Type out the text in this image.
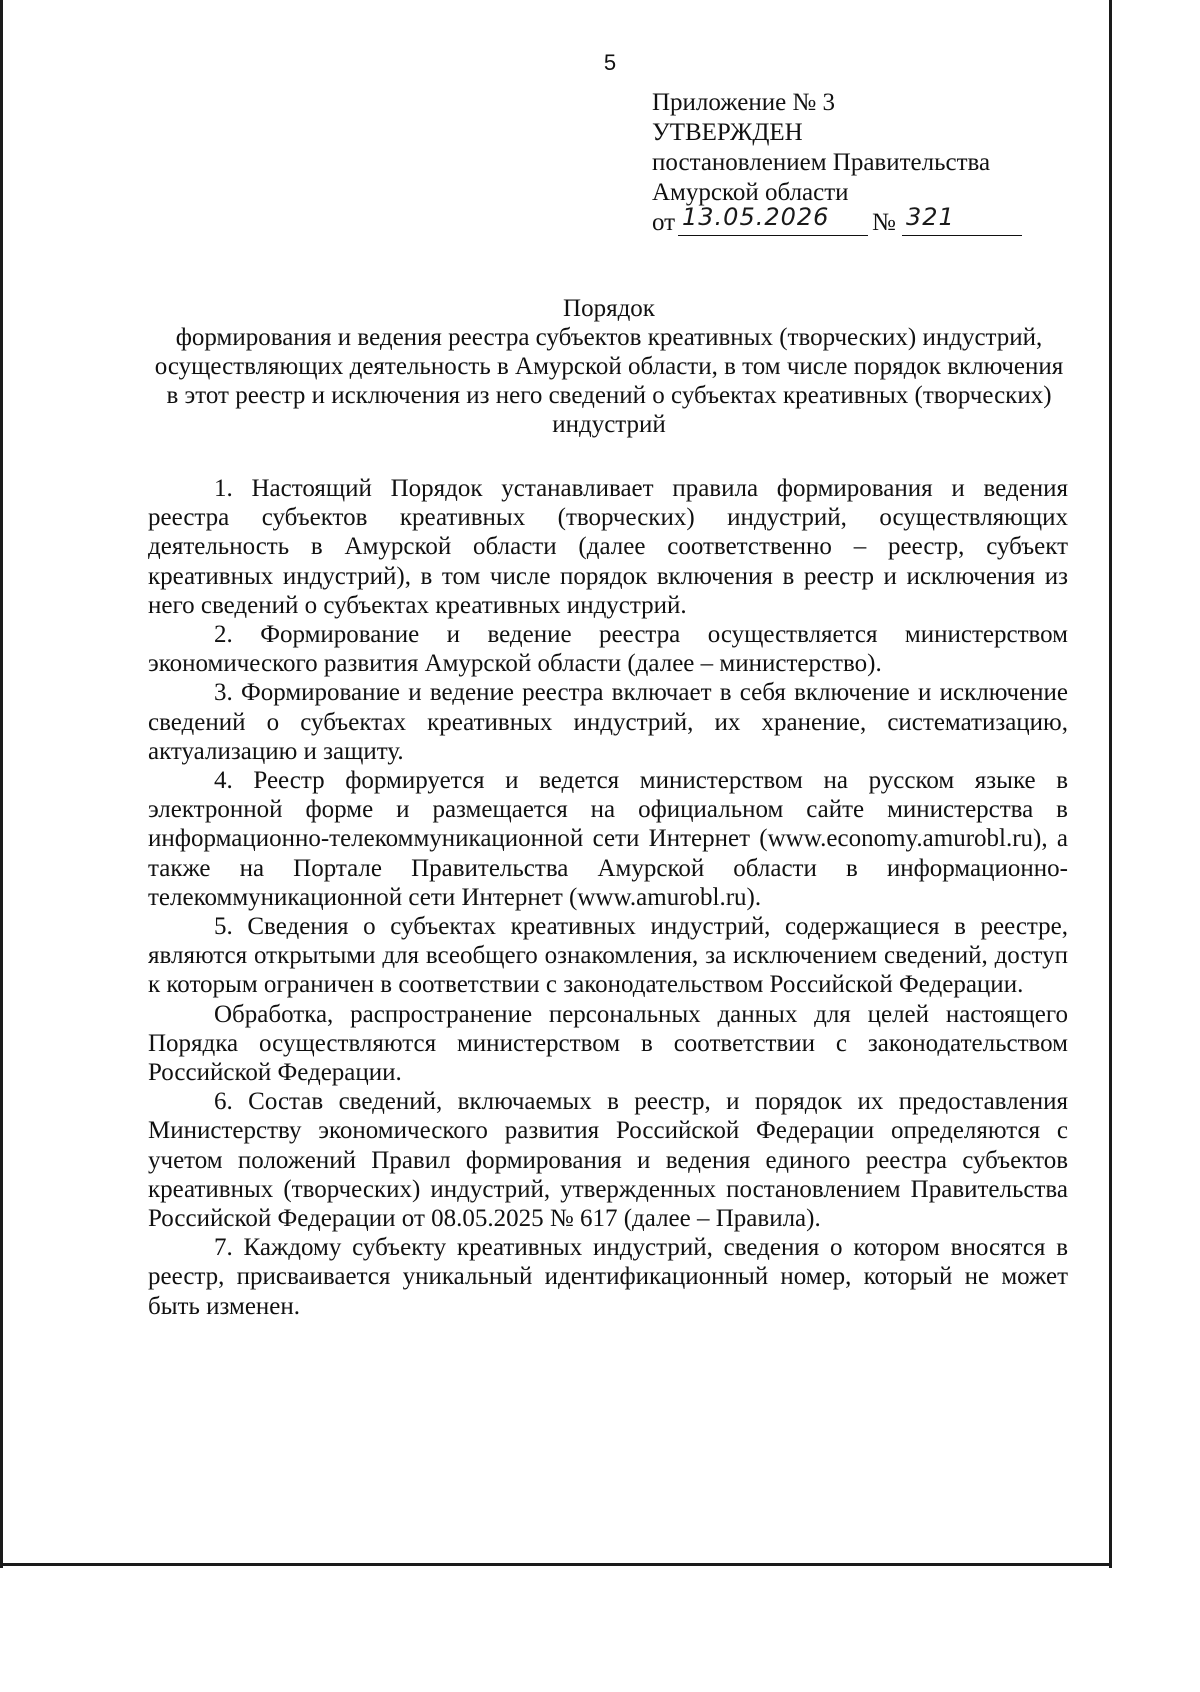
5
Приложение № 3
УТВЕРЖДЕН
постановлением Правительства
Амурской области
от 13.05.2026 № 321
Порядок
формирования и ведения реестра субъектов креативных (творческих) индустрий, осуществляющих деятельность в Амурской области, в том числе порядок включения в этот реестр и исключения из него сведений о субъектах креативных (творческих) индустрий

1. Настоящий Порядок устанавливает правила формирования и ведения реестра субъектов креативных (творческих) индустрий, осуществляющих деятельность в Амурской области (далее соответственно – реестр, субъект креативных индустрий), в том числе порядок включения в реестр и исключения из него сведений о субъектах креативных индустрий.

2. Формирование и ведение реестра осуществляется министерством экономического развития Амурской области (далее – министерство).

3. Формирование и ведение реестра включает в себя включение и исключение сведений о субъектах креативных индустрий, их хранение, систематизацию, актуализацию и защиту.

4. Реестр формируется и ведется министерством на русском языке в электронной форме и размещается на официальном сайте министерства в информационно-телекоммуникационной сети Интернет (www.economy.amurobl.ru), а также на Портале Правительства Амурской области в информационно-телекоммуникационной сети Интернет (www.amurobl.ru).

5. Сведения о субъектах креативных индустрий, содержащиеся в реестре, являются открытыми для всеобщего ознакомления, за исключением сведений, доступ к которым ограничен в соответствии с законодательством Российской Федерации.

Обработка, распространение персональных данных для целей настоящего Порядка осуществляются министерством в соответствии с законодательством Российской Федерации.

6. Состав сведений, включаемых в реестр, и порядок их предоставления Министерству экономического развития Российской Федерации определяются с учетом положений Правил формирования и ведения единого реестра субъектов креативных (творческих) индустрий, утвержденных постановлением Правительства Российской Федерации от 08.05.2025 № 617 (далее – Правила).

7. Каждому субъекту креативных индустрий, сведения о котором вносятся в реестр, присваивается уникальный идентификационный номер, который не может быть изменен.
